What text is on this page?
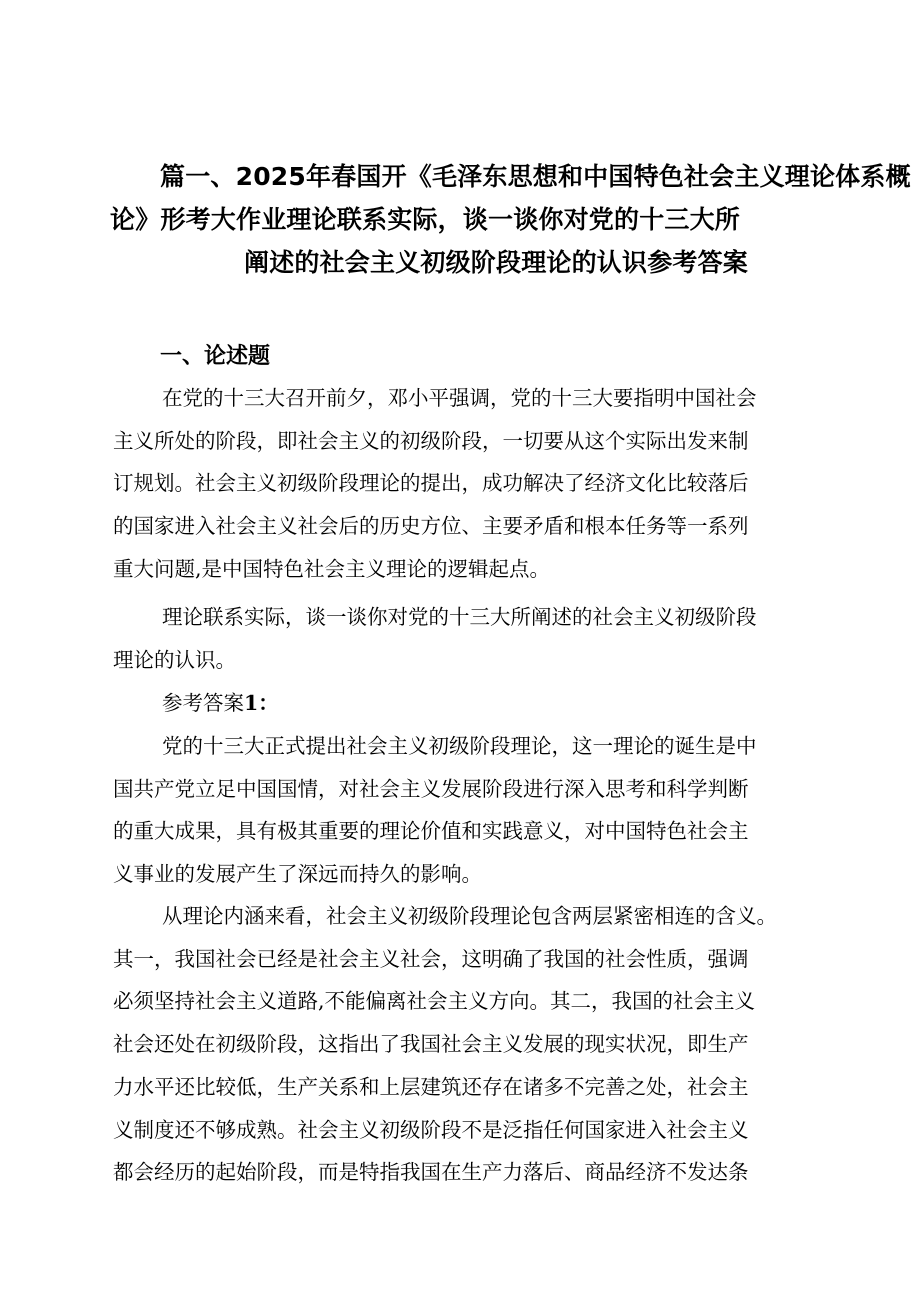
篇一、2025年春国开《毛泽东思想和中国特色社会主义理论体系概
论》形考大作业理论联系实际，谈一谈你对党的十三大所
阐述的社会主义初级阶段理论的认识参考答案
一、论述题
在党的十三大召开前夕，邓小平强调，党的十三大要指明中国社会
主义所处的阶段，即社会主义的初级阶段，一切要从这个实际出发来制
订规划。社会主义初级阶段理论的提出，成功解决了经济文化比较落后
的国家进入社会主义社会后的历史方位、主要矛盾和根本任务等一系列
重大问题,是中国特色社会主义理论的逻辑起点。
理论联系实际，谈一谈你对党的十三大所阐述的社会主义初级阶段
理论的认识。
参考答案1：
党的十三大正式提出社会主义初级阶段理论，这一理论的诞生是中
国共产党立足中国国情，对社会主义发展阶段进行深入思考和科学判断
的重大成果，具有极其重要的理论价值和实践意义，对中国特色社会主
义事业的发展产生了深远而持久的影响。
从理论内涵来看，社会主义初级阶段理论包含两层紧密相连的含义。
其一，我国社会已经是社会主义社会，这明确了我国的社会性质，强调
必须坚持社会主义道路,不能偏离社会主义方向。其二，我国的社会主义
社会还处在初级阶段，这指出了我国社会主义发展的现实状况，即生产
力水平还比较低，生产关系和上层建筑还存在诸多不完善之处，社会主
义制度还不够成熟。社会主义初级阶段不是泛指任何国家进入社会主义
都会经历的起始阶段，而是特指我国在生产力落后、商品经济不发达条
